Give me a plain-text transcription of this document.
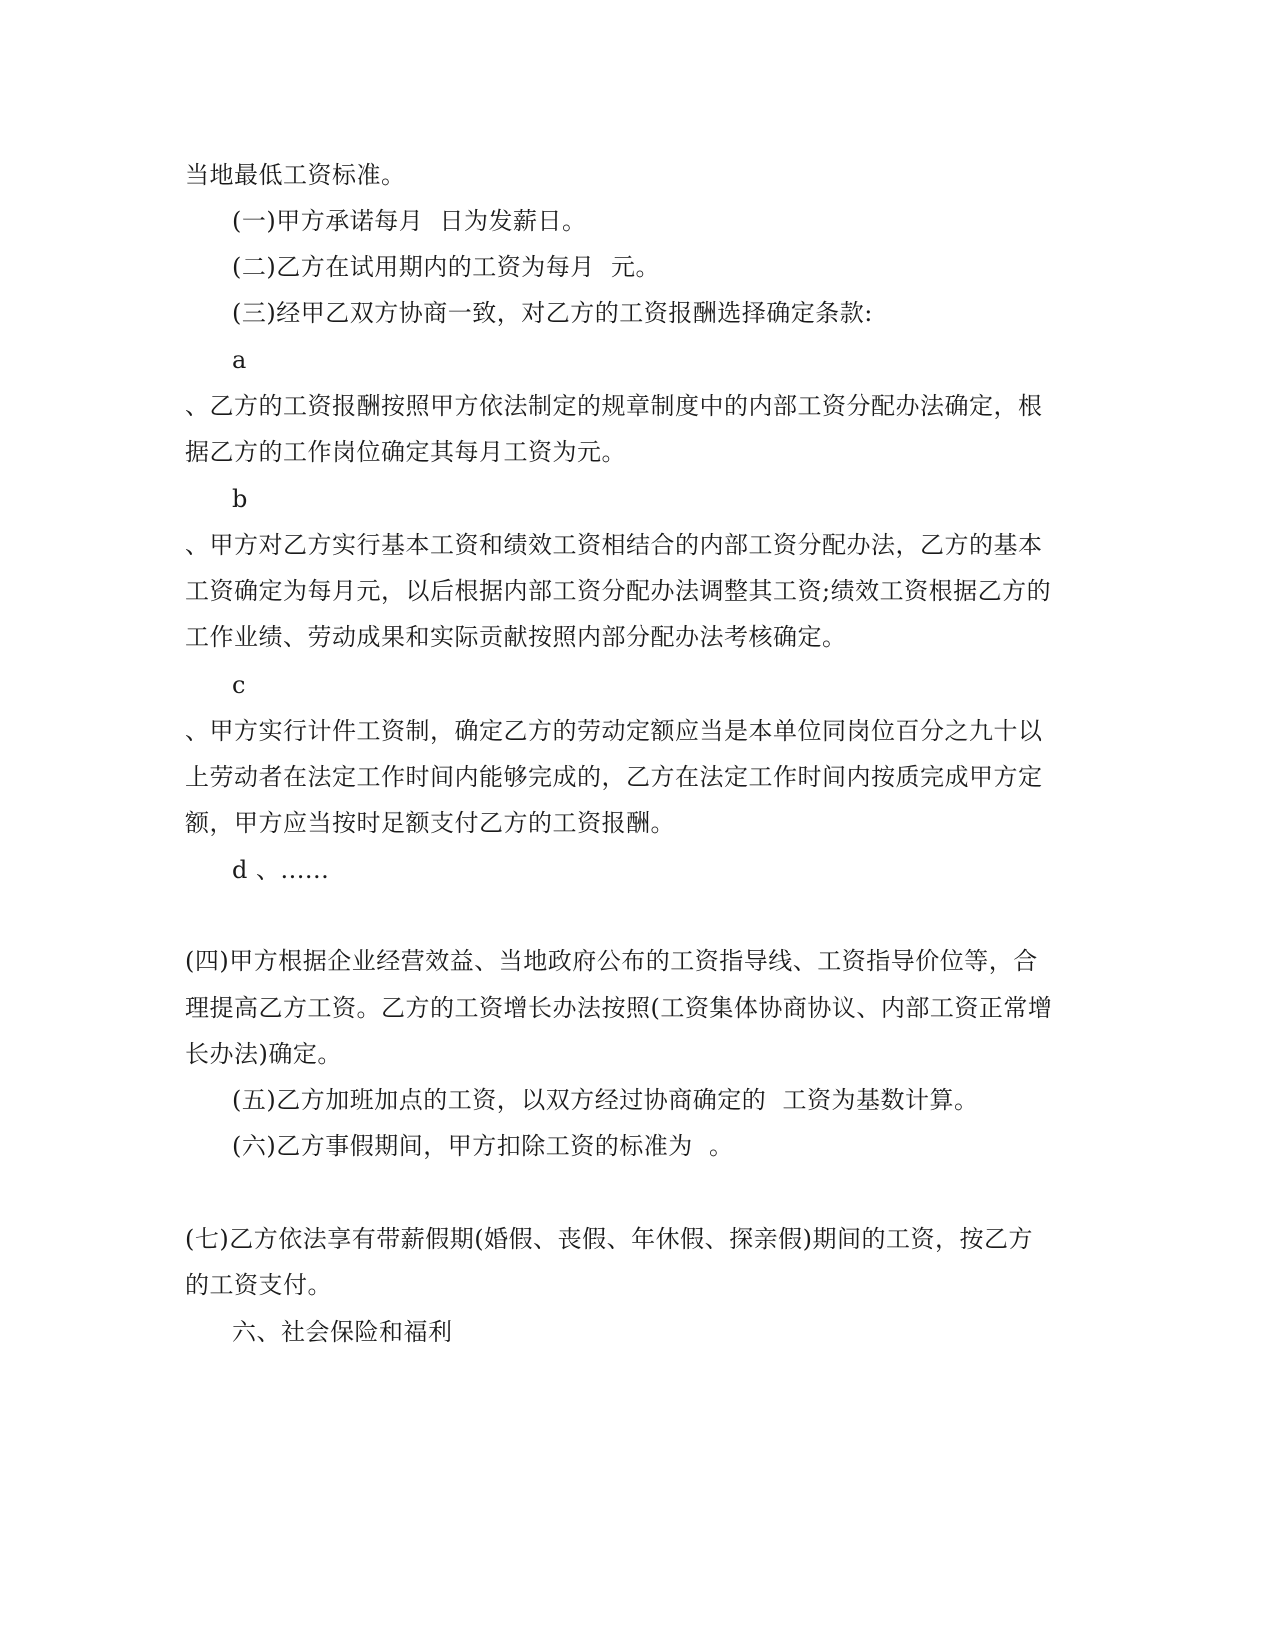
当地最低工资标准。
(一)甲方承诺每月  日为发薪日。
(二)乙方在试用期内的工资为每月  元。
(三)经甲乙双方协商一致，对乙方的工资报酬选择确定条款:
a
、乙方的工资报酬按照甲方依法制定的规章制度中的内部工资分配办法确定，根
据乙方的工作岗位确定其每月工资为元。
b
、甲方对乙方实行基本工资和绩效工资相结合的内部工资分配办法，乙方的基本
工资确定为每月元，以后根据内部工资分配办法调整其工资;绩效工资根据乙方的
工作业绩、劳动成果和实际贡献按照内部分配办法考核确定。
c
、甲方实行计件工资制，确定乙方的劳动定额应当是本单位同岗位百分之九十以
上劳动者在法定工作时间内能够完成的，乙方在法定工作时间内按质完成甲方定
额，甲方应当按时足额支付乙方的工资报酬。
d 、......
(四)甲方根据企业经营效益、当地政府公布的工资指导线、工资指导价位等，合
理提高乙方工资。乙方的工资增长办法按照(工资集体协商协议、内部工资正常增
长办法)确定。
(五)乙方加班加点的工资，以双方经过协商确定的  工资为基数计算。
(六)乙方事假期间，甲方扣除工资的标准为  。
(七)乙方依法享有带薪假期(婚假、丧假、年休假、探亲假)期间的工资，按乙方
的工资支付。
六、社会保险和福利
